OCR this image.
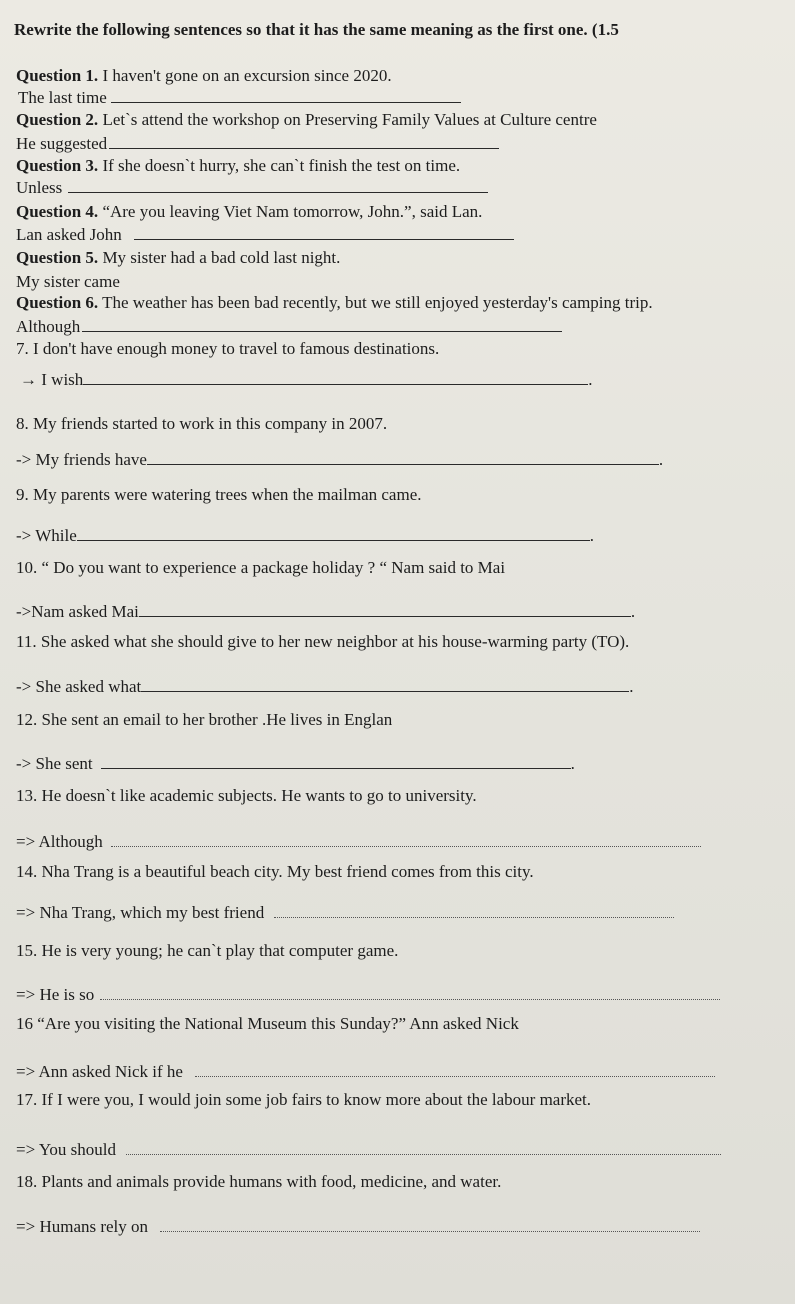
Rewrite the following sentences so that it has the same meaning as the first one. (1.5
Question 1. I haven't gone on an excursion since 2020.
The last time
Question 2. Let`s attend the workshop on Preserving Family Values at Culture centre
He suggested
Question 3. If she doesn`t hurry, she can`t finish the test on time.
Unless
Question 4. “Are you leaving Viet Nam tomorrow, John.”, said Lan.
Lan asked John
Question 5. My sister had a bad cold last night.
My sister came
Question 6. The weather has been bad recently, but we still enjoyed yesterday's camping trip.
Although
7. I don't have enough money to travel to famous destinations.
→ I wish	.
8. My friends started to work in this company in 2007.
-> My friends have	.
9. My parents were watering trees when the mailman came.
-> While	.
10. “ Do you want to experience a package holiday ? “ Nam said to Mai
->Nam asked Mai	.
11. She asked what she should give to her new neighbor at his house-warming party (TO).
-> She asked what	.
12. She sent an email to her brother .He lives in Englan
-> She sent	.
13. He doesn`t like academic subjects. He wants to go to university.
=> Although
14. Nha Trang is a beautiful beach city. My best friend comes from this city.
=> Nha Trang, which my best friend
15. He is very young; he can`t play that computer game.
=> He is so
16 “Are you visiting the National Museum this Sunday?” Ann asked Nick
=> Ann asked Nick if he
17. If I were you, I would join some job fairs to know more about the labour market.
=> You should
18. Plants and animals provide humans with food, medicine, and water.
=> Humans rely on
